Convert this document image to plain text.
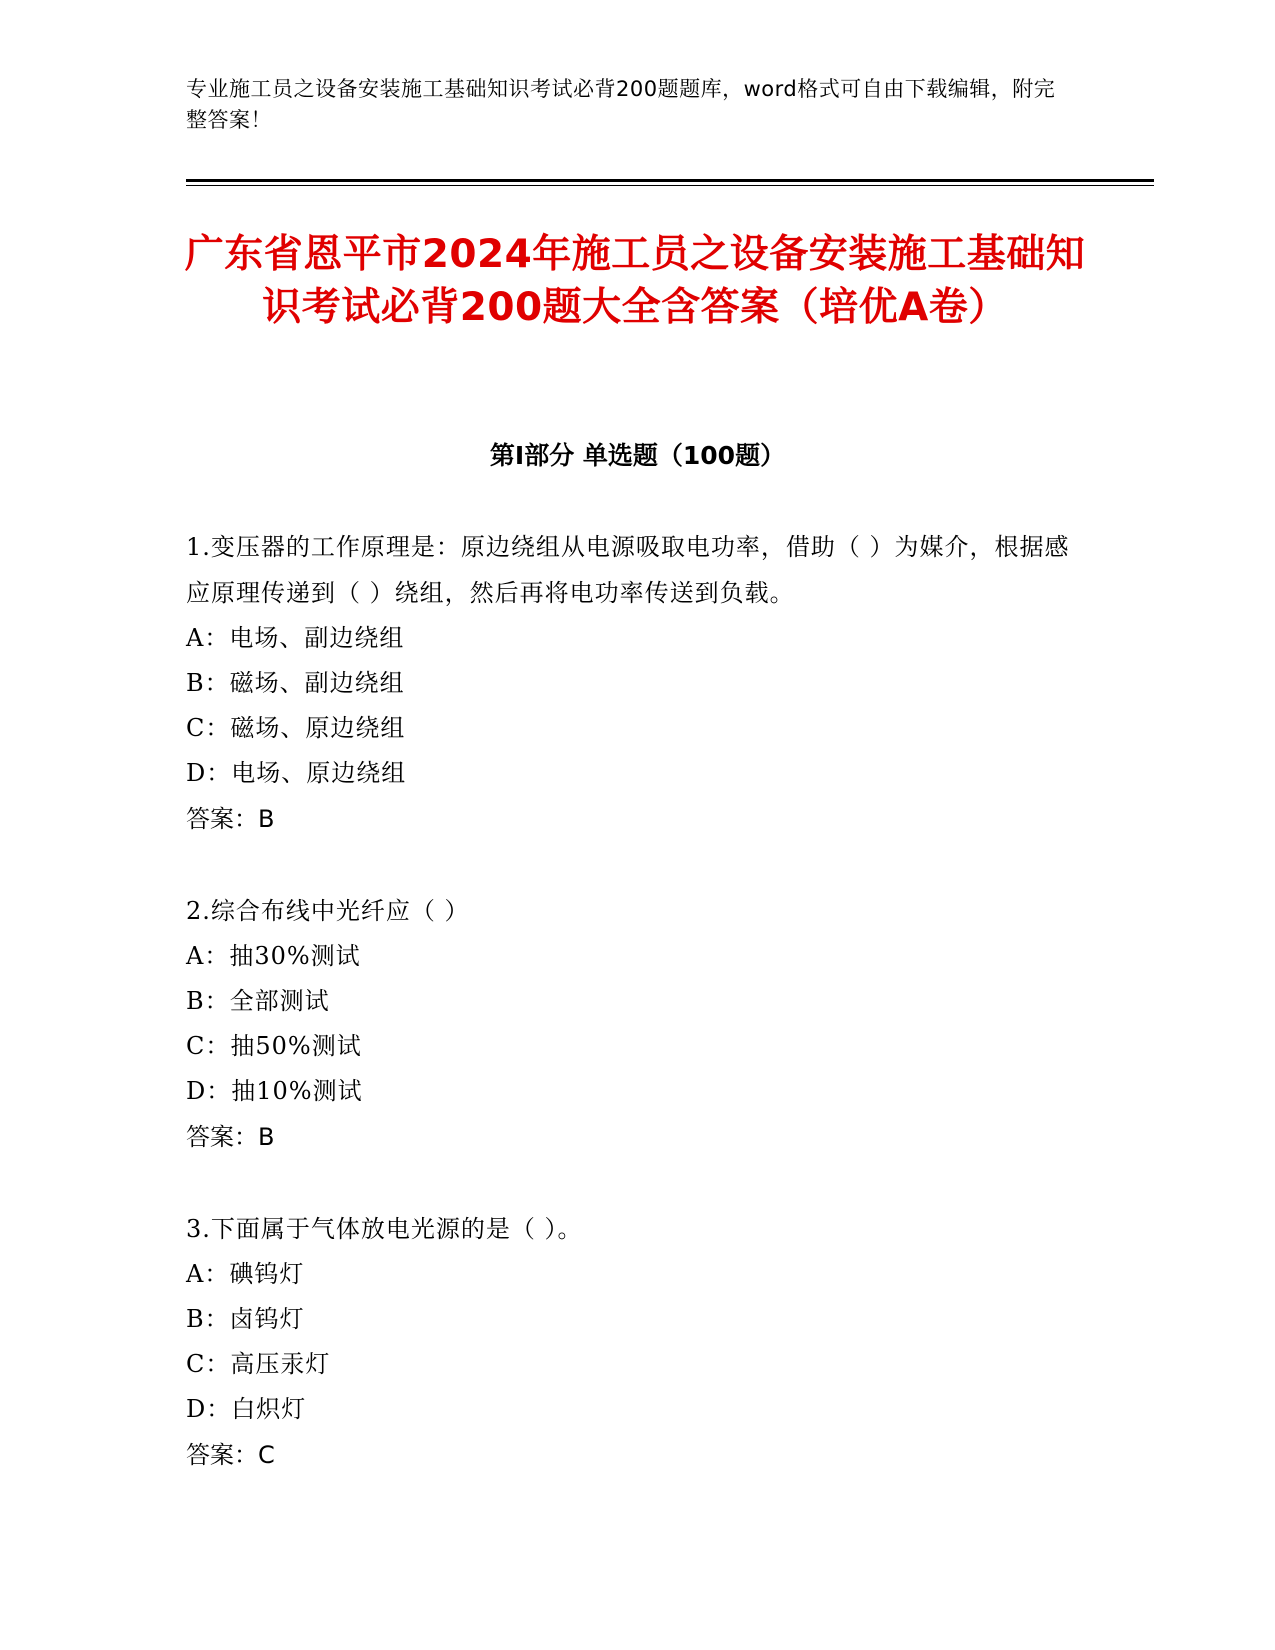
专业施工员之设备安装施工基础知识考试必背200题题库，word格式可自由下载编辑，附完整答案！
广东省恩平市2024年施工员之设备安装施工基础知识考试必背200题大全含答案（培优A卷）
第I部分 单选题（100题）

1.变压器的工作原理是：原边绕组从电源吸取电功率，借助（ ）为媒介，根据感应原理传递到（ ）绕组，然后再将电功率传送到负载。

A：电场、副边绕组

B：磁场、副边绕组

C：磁场、原边绕组

D：电场、原边绕组

答案：B

2.综合布线中光纤应（ ）

A：抽30%测试

B：全部测试

C：抽50%测试

D：抽10%测试

答案：B

3.下面属于气体放电光源的是（ ）。

A：碘钨灯

B：卤钨灯

C：高压汞灯

D：白炽灯

答案：C
